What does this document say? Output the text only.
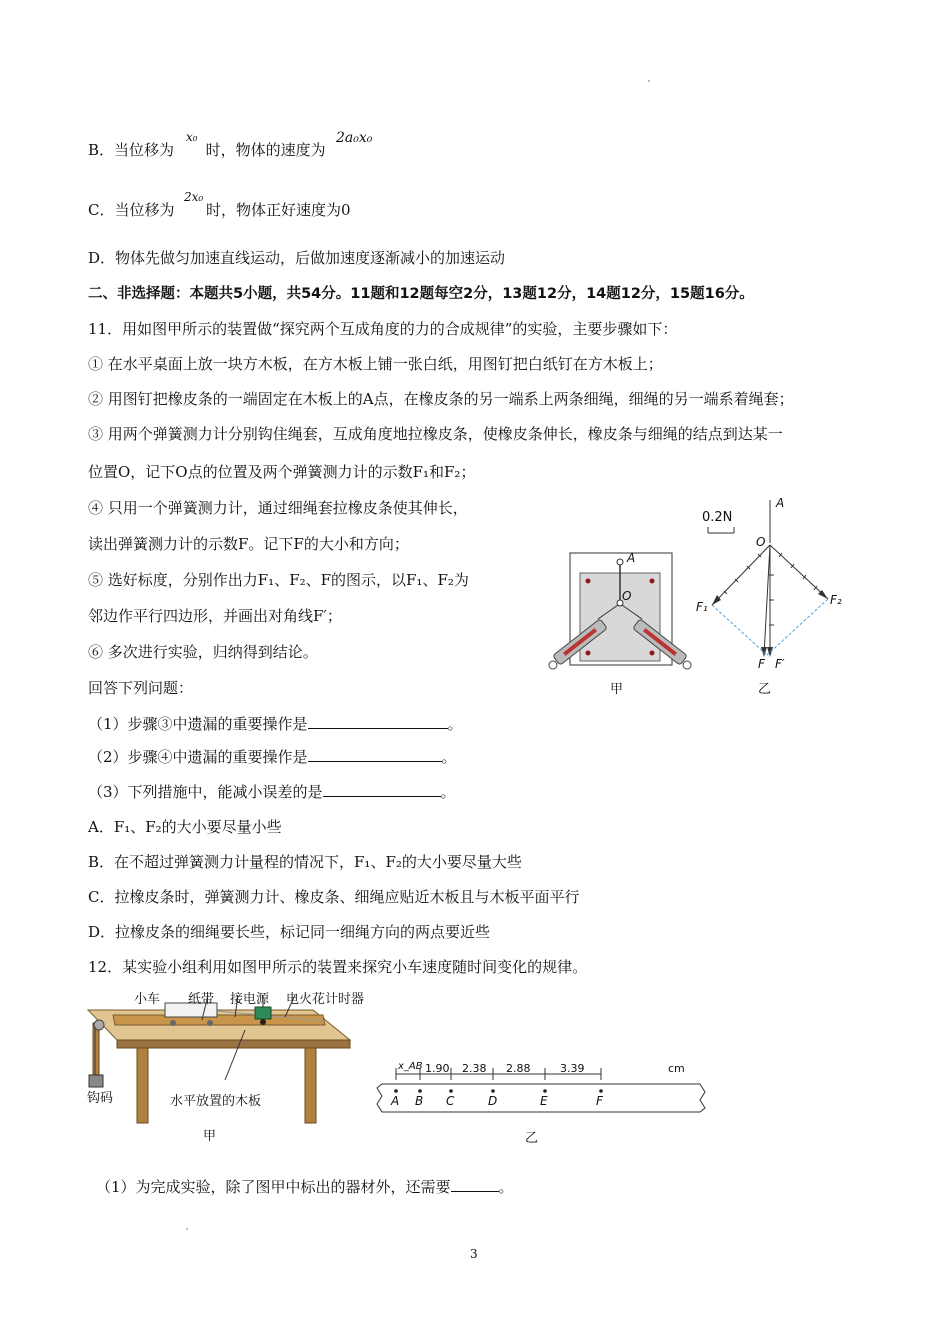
B．当位移为  时，物体的速度为
x₀	2a₀x₀
C．当位移为  时，物体正好速度为0
2x₀
D．物体先做匀加速直线运动，后做加速度逐渐减小的加速运动
二、非选择题：本题共5小题，共54分。11题和12题每空2分，13题12分，14题12分，15题16分。
11．用如图甲所示的装置做“探究两个互成角度的力的合成规律”的实验，主要步骤如下：
① 在水平桌面上放一块方木板，在方木板上铺一张白纸，用图钉把白纸钉在方木板上；
② 用图钉把橡皮条的一端固定在木板上的A点，在橡皮条的另一端系上两条细绳，细绳的另一端系着绳套；
③ 用两个弹簧测力计分别钩住绳套，互成角度地拉橡皮条，使橡皮条伸长，橡皮条与细绳的结点到达某一
位置O，记下O点的位置及两个弹簧测力计的示数F₁和F₂；
④ 只用一个弹簧测力计，通过细绳套拉橡皮条使其伸长，
读出弹簧测力计的示数F。记下F的大小和方向；
⑤ 选好标度，分别作出力F₁、F₂、F的图示，以F₁、F₂为
邻边作平行四边形，并画出对角线F′；
⑥ 多次进行实验，归纳得到结论。
回答下列问题：
（1）步骤③中遗漏的重要操作是	。
（2）步骤④中遗漏的重要操作是	。
（3）下列措施中，能减小误差的是	。
A．F₁、F₂的大小要尽量小些
B．在不超过弹簧测力计量程的情况下，F₁、F₂的大小要尽量大些
C．拉橡皮条时，弹簧测力计、橡皮条、细绳应贴近木板且与木板平面平行
D．拉橡皮条的细绳要长些，标记同一细绳方向的两点要近些
A
O
甲
0.2N
A
O
F₁	F₂
F F′
乙
12．某实验小组利用如图甲所示的装置来探究小车速度随时间变化的规律。
小车 纸带 接电源 电火花计时器
钩码	水平放置的木板
甲
x_AB 1.90 2.38 2.88	3.39	cm
A B C	D	E	F
乙
（1）为完成实验，除了图甲中标出的器材外，还需要	。
3
